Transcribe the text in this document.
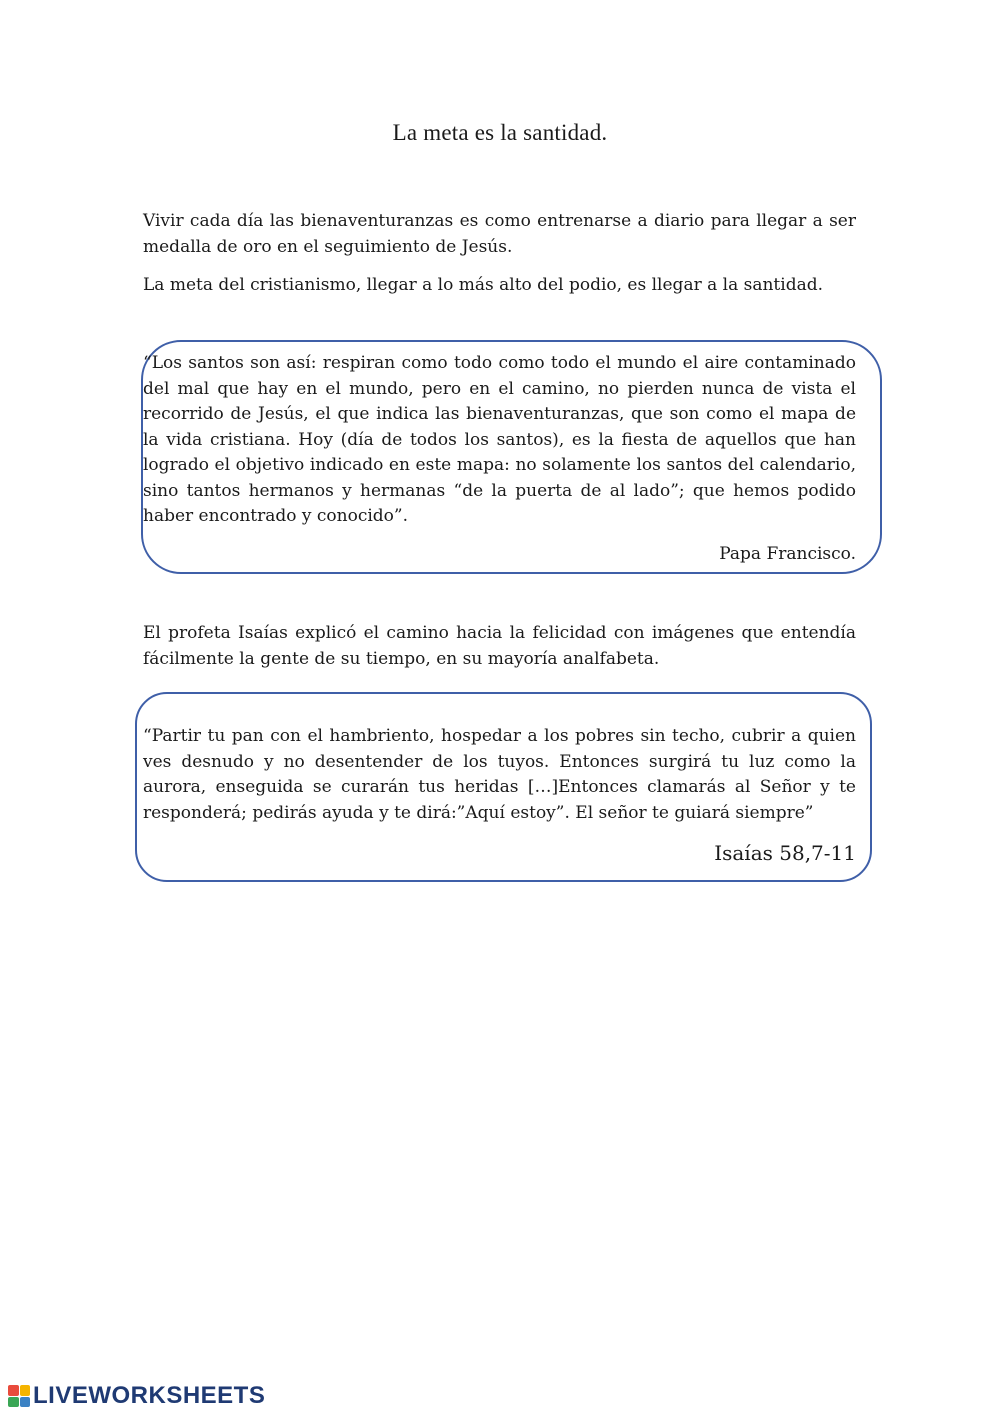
La meta es la santidad.

Vivir cada día las bienaventuranzas es como entrenarse a diario para llegar a ser medalla de oro en el seguimiento de Jesús.

La meta del cristianismo, llegar a lo más alto del podio, es llegar a la santidad.

“Los santos son así: respiran como todo como todo el mundo el aire contaminado del mal que hay en el mundo, pero en el camino, no pierden nunca de vista el recorrido de Jesús, el que indica las bienaventuranzas, que son como el mapa de la vida cristiana. Hoy (día de todos los santos), es la fiesta de aquellos que han logrado el objetivo indicado en este mapa: no solamente los santos del calendario, sino tantos hermanos y hermanas “de la puerta de al lado”; que hemos podido haber encontrado y conocido”.

Papa Francisco.

El profeta Isaías explicó el camino hacia la felicidad con imágenes que entendía fácilmente la gente de su tiempo, en su mayoría analfabeta.

“Partir tu pan con el hambriento, hospedar a los pobres sin techo, cubrir a quien ves desnudo y no desentender de los tuyos. Entonces surgirá tu luz como la aurora, enseguida se curarán tus heridas […]Entonces clamarás al Señor y te responderá; pedirás ayuda y te dirá:”Aquí estoy”. El señor te guiará siempre”

Isaías 58,7-11
LIVEWORKSHEETS
